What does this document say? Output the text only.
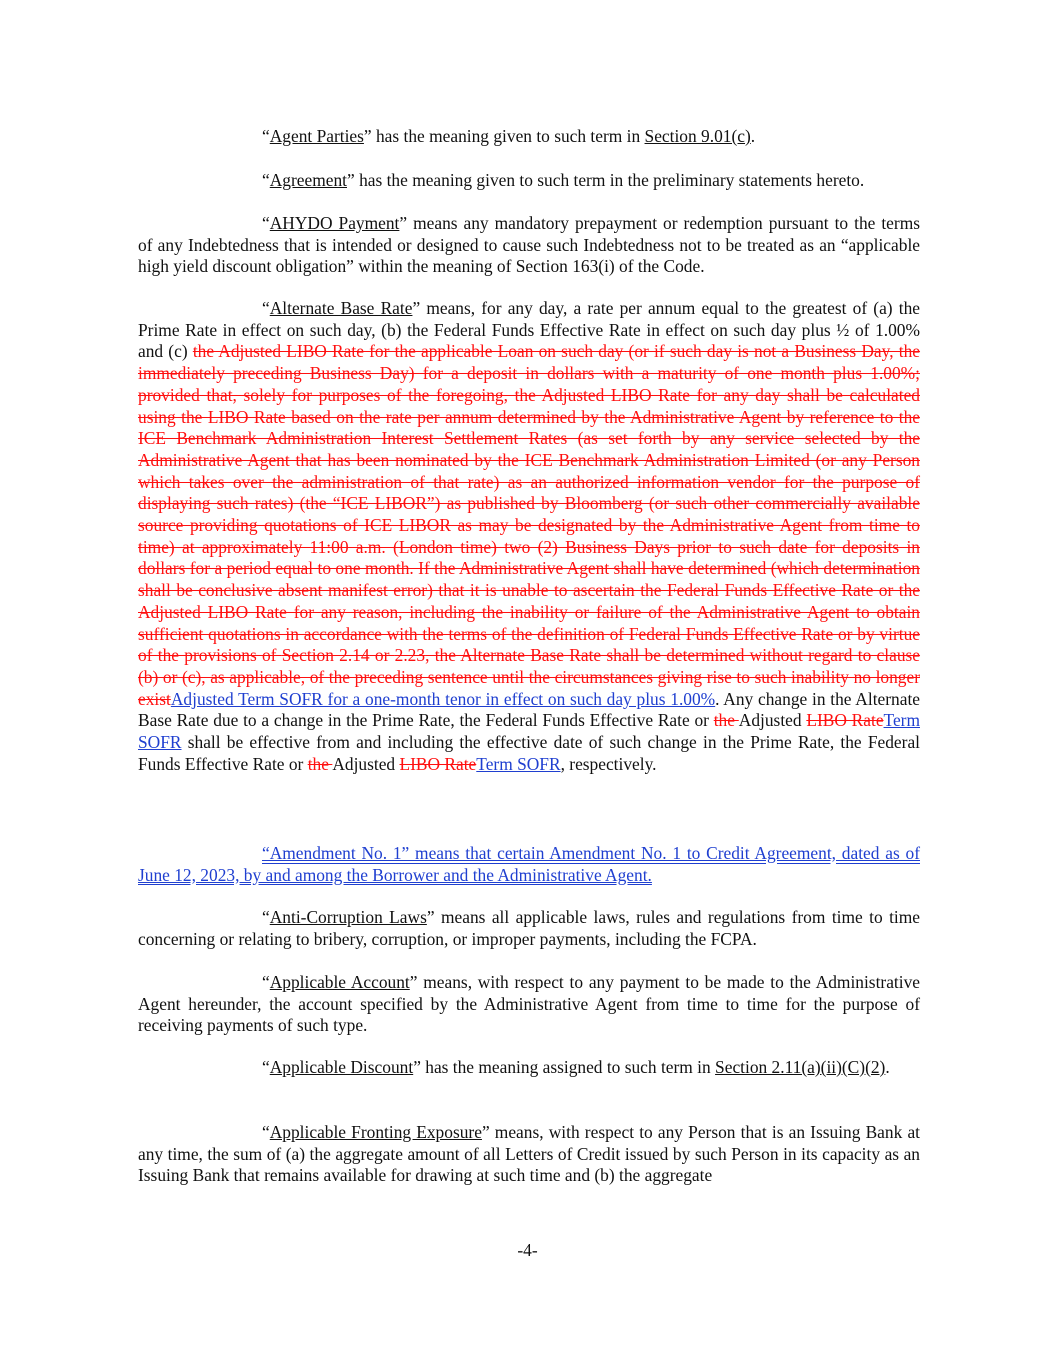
“Agent Parties” has the meaning given to such term in Section 9.01(c).

“Agreement” has the meaning given to such term in the preliminary statements hereto.

“AHYDO Payment” means any mandatory prepayment or redemption pursuant to the terms of any Indebtedness that is intended or designed to cause such Indebtedness not to be treated as an “applicable high yield discount obligation” within the meaning of Section 163(i) of the Code.

“Alternate Base Rate” means, for any day, a rate per annum equal to the greatest of (a) the Prime Rate in effect on such day, (b) the Federal Funds Effective Rate in effect on such day plus ½ of 1.00% and (c) the Adjusted LIBO Rate for the applicable Loan on such day (or if such day is not a Business Day, the immediately preceding Business Day) for a deposit in dollars with a maturity of one month plus 1.00%; provided that, solely for purposes of the foregoing, the Adjusted LIBO Rate for any day shall be calculated using the LIBO Rate based on the rate per annum determined by the Administrative Agent by reference to the ICE Benchmark Administration Interest Settlement Rates (as set forth by any service selected by the Administrative Agent that has been nominated by the ICE Benchmark Administration Limited (or any Person which takes over the administration of that rate) as an authorized information vendor for the purpose of displaying such rates) (the “ICE LIBOR”) as published by Bloomberg (or such other commercially available source providing quotations of ICE LIBOR as may be designated by the Administrative Agent from time to time) at approximately 11:00 a.m. (London time) two (2) Business Days prior to such date for deposits in dollars for a period equal to one month. If the Administrative Agent shall have determined (which determination shall be conclusive absent manifest error) that it is unable to ascertain the Federal Funds Effective Rate or the Adjusted LIBO Rate for any reason, including the inability or failure of the Administrative Agent to obtain sufficient quotations in accordance with the terms of the definition of Federal Funds Effective Rate or by virtue of the provisions of Section 2.14 or 2.23, the Alternate Base Rate shall be determined without regard to clause (b) or (c), as applicable, of the preceding sentence until the circumstances giving rise to such inability no longer existAdjusted Term SOFR for a one-month tenor in effect on such day plus 1.00%. Any change in the Alternate Base Rate due to a change in the Prime Rate, the Federal Funds Effective Rate or the Adjusted LIBO RateTerm SOFR shall be effective from and including the effective date of such change in the Prime Rate, the Federal Funds Effective Rate or the Adjusted LIBO RateTerm SOFR, respectively.

“Amendment No. 1” means that certain Amendment No. 1 to Credit Agreement, dated as of June 12, 2023, by and among the Borrower and the Administrative Agent.

“Anti-Corruption Laws” means all applicable laws, rules and regulations from time to time concerning or relating to bribery, corruption, or improper payments, including the FCPA.

“Applicable Account” means, with respect to any payment to be made to the Administrative Agent hereunder, the account specified by the Administrative Agent from time to time for the purpose of receiving payments of such type.

“Applicable Discount” has the meaning assigned to such term in Section 2.11(a)(ii)(C)(2).

“Applicable Fronting Exposure” means, with respect to any Person that is an Issuing Bank at any time, the sum of (a) the aggregate amount of all Letters of Credit issued by such Person in its capacity as an Issuing Bank that remains available for drawing at such time and (b) the aggregate

-4-
